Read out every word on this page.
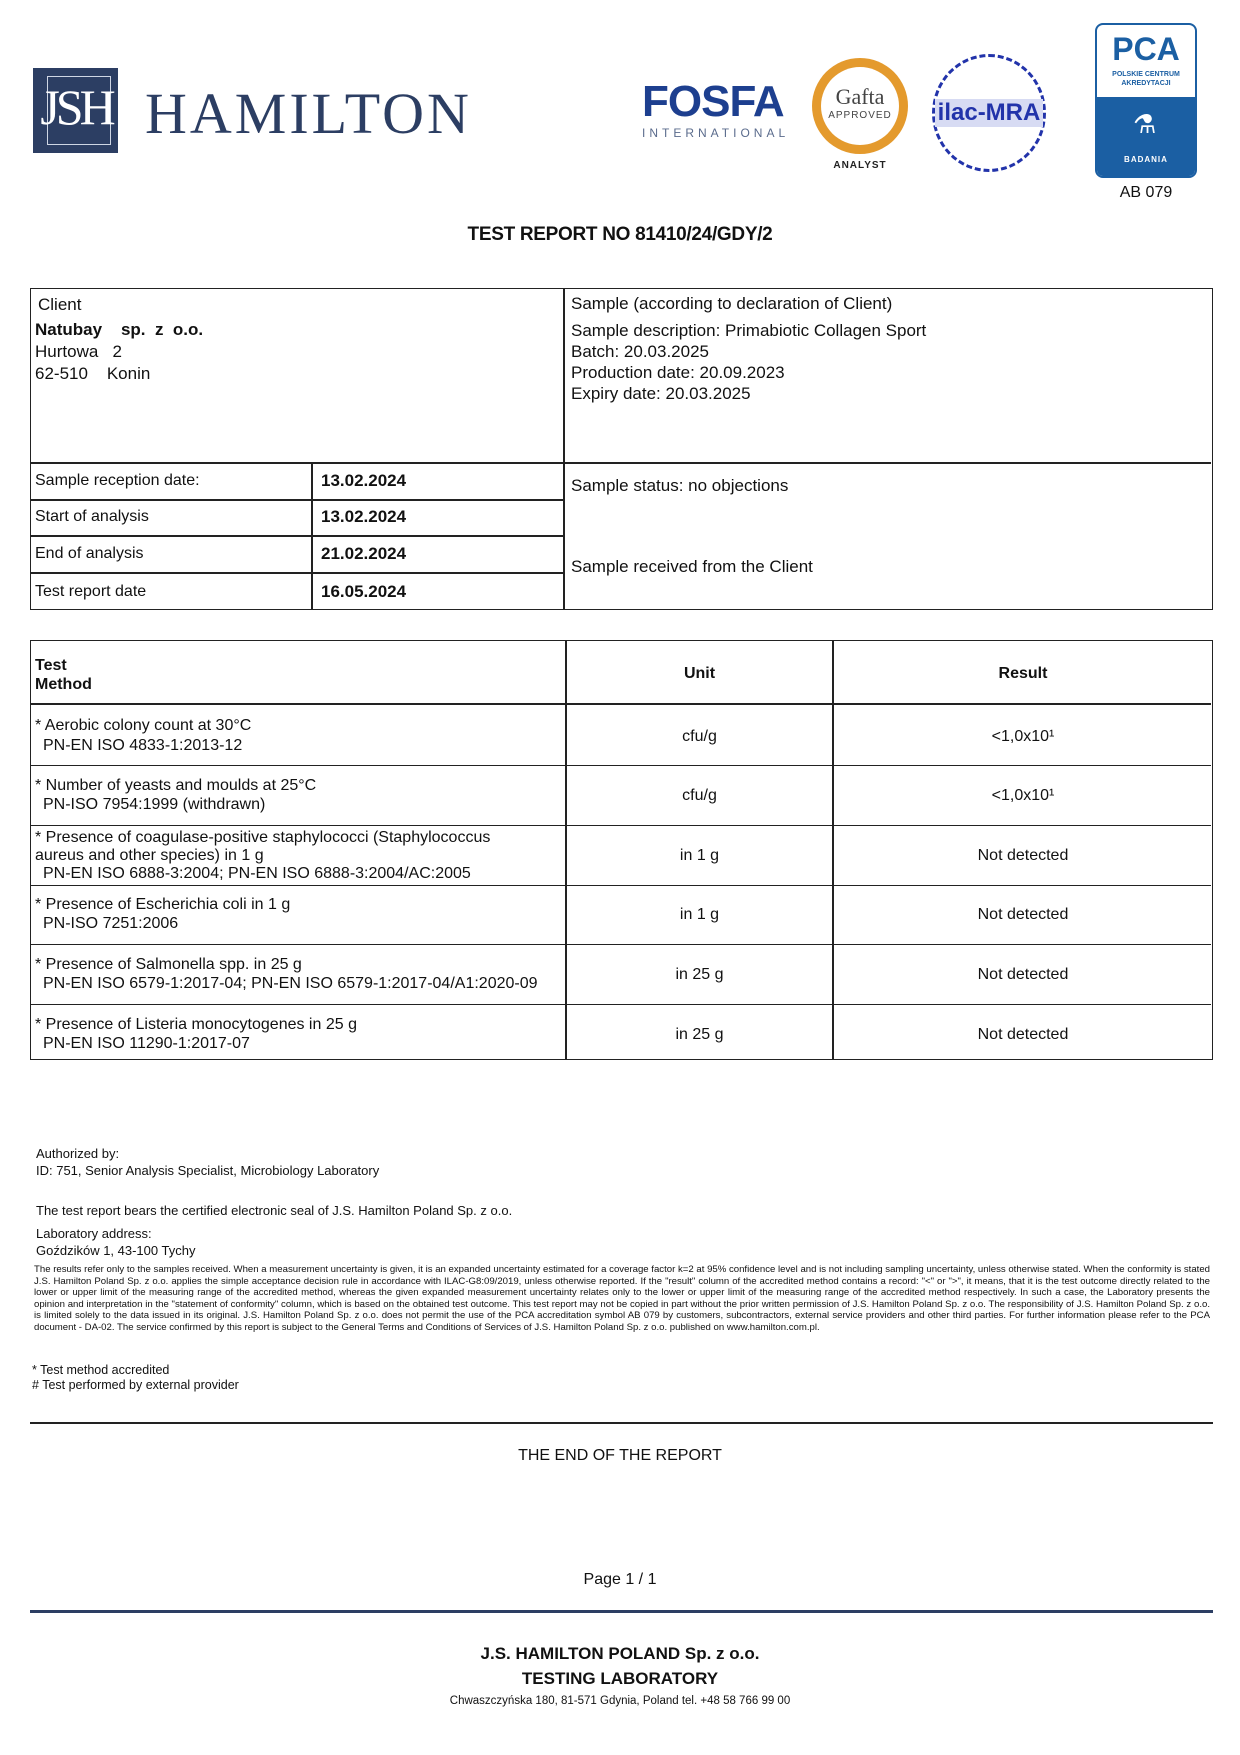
JSH HAMILTON	FOSFA
INTERNATIONAL
Gafta
APPROVED
ANALYST
ilac-MRA
PCA
POLSKIE CENTRUM AKREDYTACJI
⚗
BADANIA
AB 079
TEST REPORT NO 81410/24/GDY/2
Client
Natubay    sp.  z  o.o.
Hurtowa   2
62-510    Konin
Sample (according to declaration of Client)
Sample description: Primabiotic Collagen Sport
Batch: 20.03.2025
Production date: 20.09.2023
Expiry date: 20.03.2025
Sample reception date:	13.02.2024
Start of analysis	13.02.2024
End of analysis	21.02.2024
Test report date	16.05.2024
Sample status: no objections
Sample received from the Client
Test
Method
Unit	Result
* Aerobic colony count at 30°C
PN-EN ISO 4833-1:2013-12
cfu/g	<1,0x10¹
* Number of yeasts and moulds at 25°C
PN-ISO 7954:1999 (withdrawn)
cfu/g	<1,0x10¹
* Presence of coagulase-positive staphylococci (Staphylococcus
aureus and other species) in 1 g
PN-EN ISO 6888-3:2004; PN-EN ISO 6888-3:2004/AC:2005
in 1 g	Not detected
* Presence of Escherichia coli in 1 g
PN-ISO 7251:2006
in 1 g	Not detected
* Presence of Salmonella spp. in 25 g
PN-EN ISO 6579-1:2017-04; PN-EN ISO 6579-1:2017-04/A1:2020-09
in 25 g	Not detected
* Presence of Listeria monocytogenes in 25 g
PN-EN ISO 11290-1:2017-07
in 25 g	Not detected
Authorized by:
ID: 751, Senior Analysis Specialist, Microbiology Laboratory
The test report bears the certified electronic seal of J.S. Hamilton Poland Sp. z o.o.
Laboratory address:
Goździków 1, 43-100 Tychy
The results refer only to the samples received. When a measurement uncertainty is given, it is an expanded uncertainty estimated for a coverage factor k=2 at 95% confidence level and is not including sampling uncertainty, unless otherwise stated. When the conformity is stated J.S. Hamilton Poland Sp. z o.o. applies the simple acceptance decision rule in accordance with ILAC-G8:09/2019, unless otherwise reported. If the "result" column of the accredited method contains a record: "<" or ">", it means, that it is the test outcome directly related to the lower or upper limit of the measuring range of the accredited method, whereas the given expanded measurement uncertainty relates only to the lower or upper limit of the measuring range of the accredited method respectively. In such a case, the Laboratory presents the opinion and interpretation in the "statement of conformity" column, which is based on the obtained test outcome. This test report may not be copied in part without the prior written permission of J.S. Hamilton Poland Sp. z o.o. The responsibility of J.S. Hamilton Poland Sp. z o.o. is limited solely to the data issued in its original. J.S. Hamilton Poland Sp. z o.o. does not permit the use of the PCA accreditation symbol AB 079 by customers, subcontractors, external service providers and other third parties. For further information please refer to the PCA document - DA-02. The service confirmed by this report is subject to the General Terms and Conditions of Services of J.S. Hamilton Poland Sp. z o.o. published on www.hamilton.com.pl.
* Test method accredited
# Test performed by external provider
THE END OF THE REPORT
Page 1 / 1
J.S. HAMILTON POLAND Sp. z o.o.
TESTING LABORATORY
Chwaszczyńska 180, 81-571 Gdynia, Poland tel. +48 58 766 99 00
